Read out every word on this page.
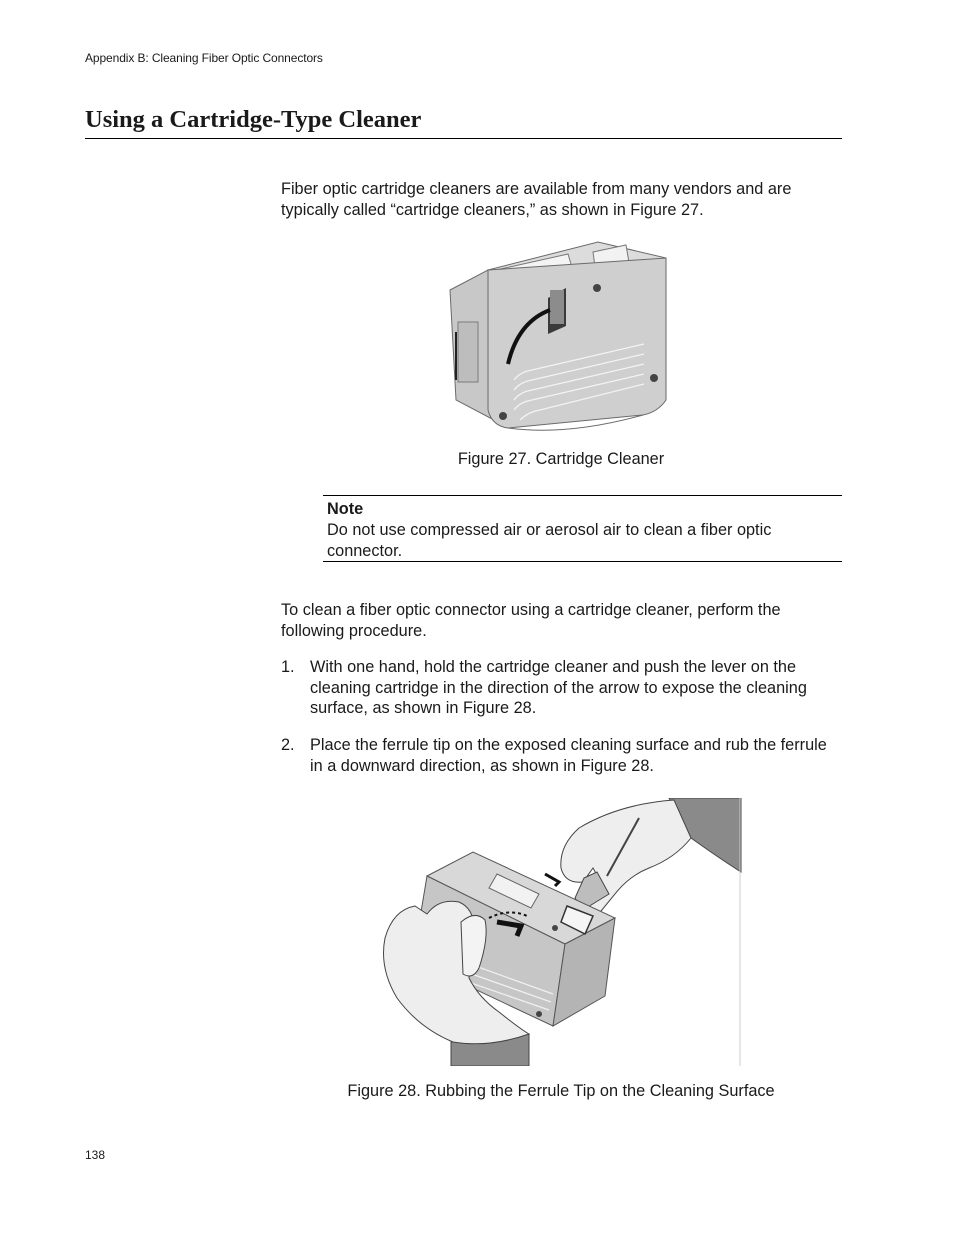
Appendix B: Cleaning Fiber Optic Connectors
Using a Cartridge-Type Cleaner

Fiber optic cartridge cleaners are available from many vendors and are typically called “cartridge cleaners,” as shown in Figure 27.

Figure 27. Cartridge Cleaner

Note
Do not use compressed air or aerosol air to clean a fiber optic connector.

To clean a fiber optic connector using a cartridge cleaner, perform the following procedure.

1. With one hand, hold the cartridge cleaner and push the lever on the cleaning cartridge in the direction of the arrow to expose the cleaning surface, as shown in Figure 28.
2. Place the ferrule tip on the exposed cleaning surface and rub the ferrule in a downward direction, as shown in Figure 28.

Figure 28. Rubbing the Ferrule Tip on the Cleaning Surface

138
